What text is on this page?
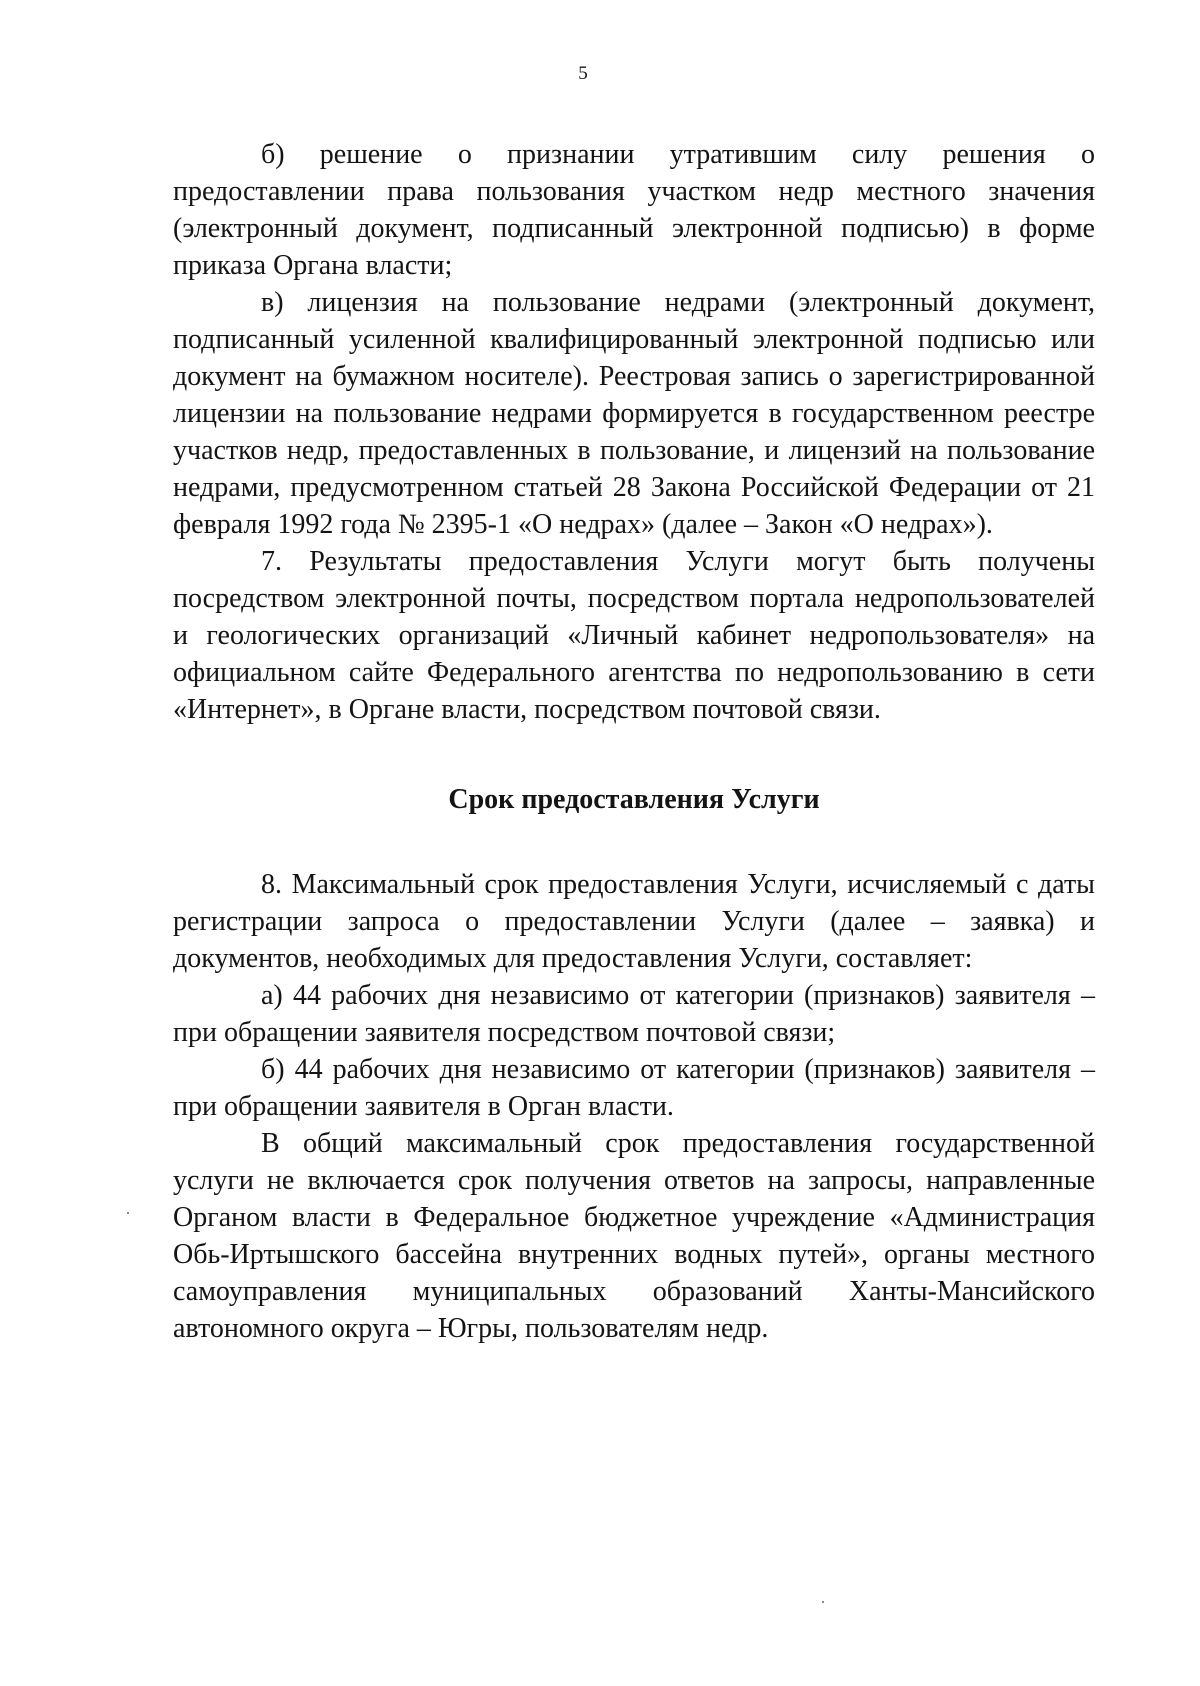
5

б) решение о признании утратившим силу решения о предоставлении права пользования участком недр местного значения (электронный документ, подписанный электронной подписью) в форме приказа Органа власти;

в) лицензия на пользование недрами (электронный документ, подписанный усиленной квалифицированный электронной подписью или документ на бумажном носителе). Реестровая запись о зарегистрированной лицензии на пользование недрами формируется в государственном реестре участков недр, предоставленных в пользование, и лицензий на пользование недрами, предусмотренном статьей 28 Закона Российской Федерации от 21 февраля 1992 года № 2395-1 «О недрах» (далее – Закон «О недрах»).

7. Результаты предоставления Услуги могут быть получены посредством электронной почты, посредством портала недропользователей и геологических организаций «Личный кабинет недропользователя» на официальном сайте Федерального агентства по недропользованию в сети «Интернет», в Органе власти, посредством почтовой связи.

Срок предоставления Услуги

8. Максимальный срок предоставления Услуги, исчисляемый с даты регистрации запроса о предоставлении Услуги (далее – заявка) и документов, необходимых для предоставления Услуги, составляет:

а) 44 рабочих дня независимо от категории (признаков) заявителя – при обращении заявителя посредством почтовой связи;

б) 44 рабочих дня независимо от категории (признаков) заявителя – при обращении заявителя в Орган власти.

В общий максимальный срок предоставления государственной услуги не включается срок получения ответов на запросы, направленные Органом власти в Федеральное бюджетное учреждение «Администрация Обь-Иртышского бассейна внутренних водных путей», органы местного самоуправления муниципальных образований Ханты-Мансийского автономного округа – Югры, пользователям недр.
